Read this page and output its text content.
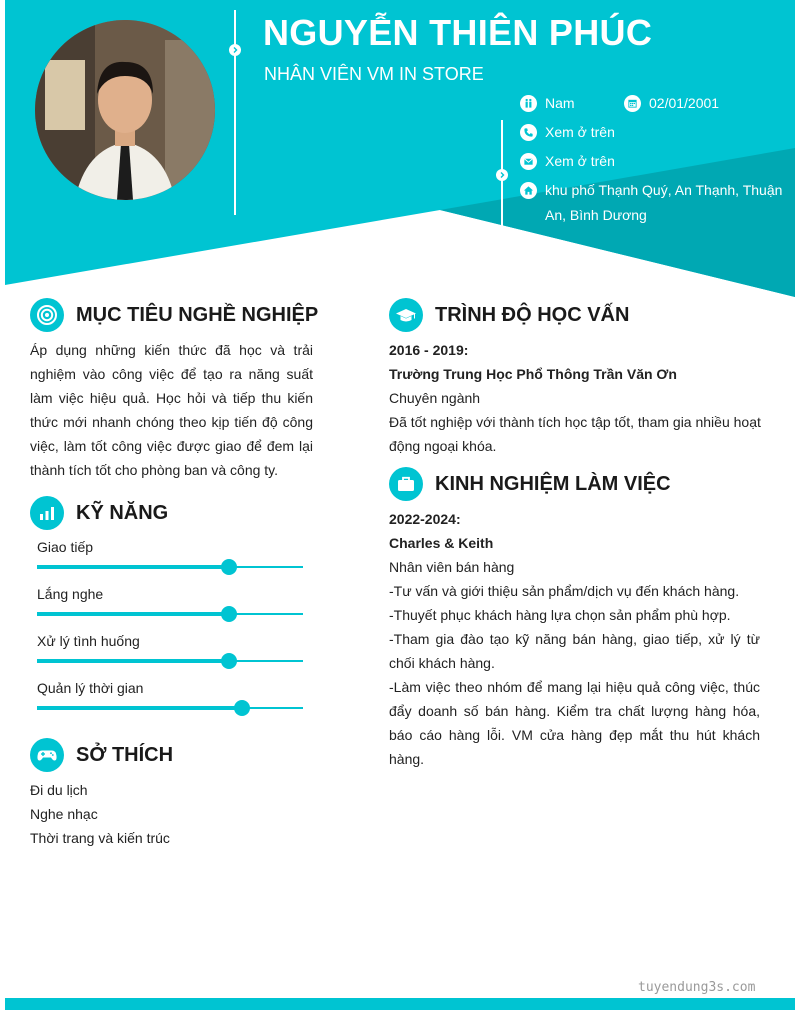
NGUYỄN THIÊN PHÚC
NHÂN VIÊN VM IN STORE
Nam	02/01/2001
Xem ở trên
Xem ở trên
khu phố Thạnh Quý, An Thạnh, Thuận An, Bình Dương
MỤC TIÊU NGHỀ NGHIỆP
Áp dụng những kiến thức đã học và trải nghiệm vào công việc để tạo ra năng suất làm việc hiệu quả. Học hỏi và tiếp thu kiến thức mới nhanh chóng theo kịp tiến độ công việc, làm tốt công việc được giao để đem lại thành tích tốt cho phòng ban và công ty.
KỸ NĂNG
Giao tiếp
Lắng nghe
Xử lý tình huống
Quản lý thời gian
SỞ THÍCH
Đi du lịch
Nghe nhạc
Thời trang và kiến trúc
TRÌNH ĐỘ HỌC VẤN
2016 - 2019:
Trường Trung Học Phổ Thông Trần Văn Ơn
Chuyên ngành
Đã tốt nghiệp với thành tích học tập tốt, tham gia nhiều hoạt động ngoại khóa.
KINH NGHIỆM LÀM VIỆC
2022-2024:
Charles & Keith
Nhân viên bán hàng
-Tư vấn và giới thiệu sản phẩm/dịch vụ đến khách hàng.
-Thuyết phục khách hàng lựa chọn sản phẩm phù hợp.
-Tham gia đào tạo kỹ năng bán hàng, giao tiếp, xử lý từ chối khách hàng.
-Làm việc theo nhóm để mang lại hiệu quả công việc, thúc đẩy doanh số bán hàng. Kiểm tra chất lượng hàng hóa, báo cáo hàng lỗi. VM cửa hàng đẹp mắt thu hút khách hàng.
tuyendung3s.com
